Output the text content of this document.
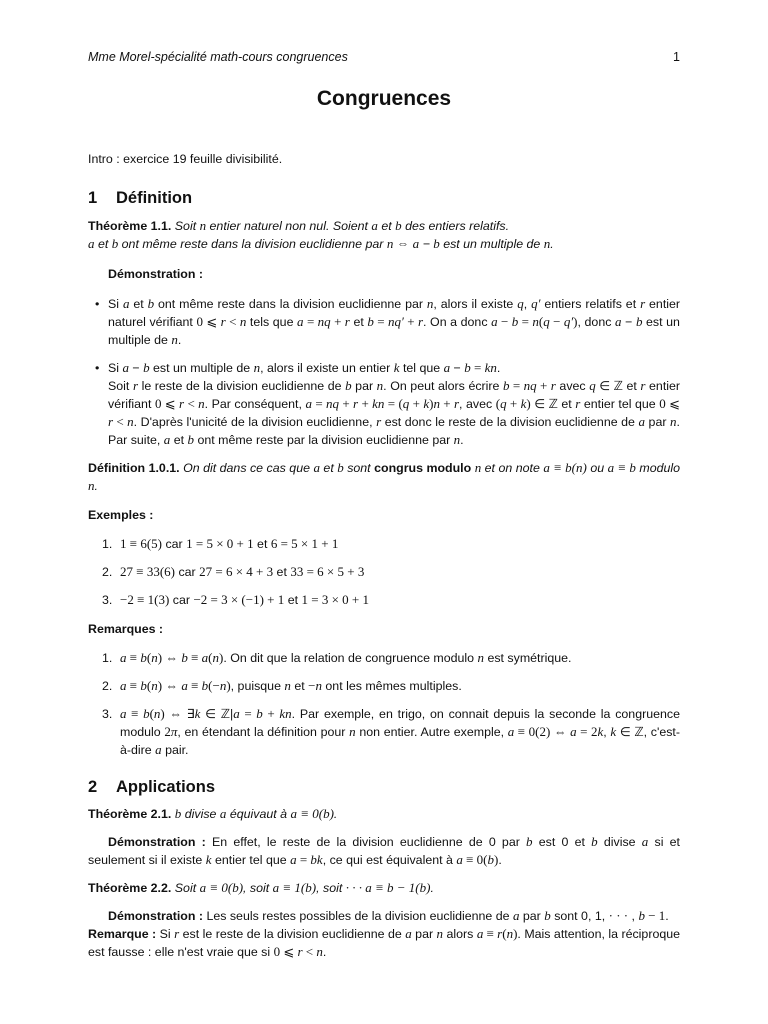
Mme Morel-spécialité math-cours congruences	1
Congruences

Intro : exercice 19 feuille divisibilité.

1 Définition

Théorème 1.1. Soit n entier naturel non nul. Soient a et b des entiers relatifs.
a et b ont même reste dans la division euclidienne par n ⇔ a − b est un multiple de n.

Démonstration :

• Si a et b ont même reste dans la division euclidienne par n, alors il existe q, q′ entiers relatifs et r entier naturel vérifiant 0 ⩽ r < n tels que a = nq + r et b = nq′ + r. On a donc a − b = n(q − q′), donc a − b est un multiple de n.
• Si a − b est un multiple de n, alors il existe un entier k tel que a − b = kn.
Soit r le reste de la division euclidienne de b par n. On peut alors écrire b = nq + r avec q ∈ ℤ et r entier vérifiant 0 ⩽ r < n. Par conséquent, a = nq + r + kn = (q + k)n + r, avec (q + k) ∈ ℤ et r entier tel que 0 ⩽ r < n. D'après l'unicité de la division euclidienne, r est donc le reste de la division euclidienne de a par n. Par suite, a et b ont même reste par la division euclidienne par n.

Définition 1.0.1. On dit dans ce cas que a et b sont congrus modulo n et on note a ≡ b(n) ou a ≡ b modulo n.

Exemples :

1. 1 ≡ 6(5) car 1 = 5 × 0 + 1 et 6 = 5 × 1 + 1
2. 27 ≡ 33(6) car 27 = 6 × 4 + 3 et 33 = 6 × 5 + 3
3. −2 ≡ 1(3) car −2 = 3 × (−1) + 1 et 1 = 3 × 0 + 1

Remarques :

1. a ≡ b(n) ⇔ b ≡ a(n). On dit que la relation de congruence modulo n est symétrique.
2. a ≡ b(n) ⇔ a ≡ b(−n), puisque n et −n ont les mêmes multiples.
3. a ≡ b(n) ⇔ ∃k ∈ ℤ|a = b + kn. Par exemple, en trigo, on connait depuis la seconde la congruence modulo 2π, en étendant la définition pour n non entier. Autre exemple, a ≡ 0(2) ⇔ a = 2k, k ∈ ℤ, c'est-à-dire a pair.
2 Applications

Théorème 2.1. b divise a équivaut à a ≡ 0(b).

Démonstration : En effet, le reste de la division euclidienne de 0 par b est 0 et b divise a si et seulement si il existe k entier tel que a = bk, ce qui est équivalent à a ≡ 0(b).

Théorème 2.2. Soit a ≡ 0(b), soit a ≡ 1(b), soit · · · a ≡ b − 1(b).

Démonstration : Les seuls restes possibles de la division euclidienne de a par b sont 0, 1, · · · , b − 1.

Remarque : Si r est le reste de la division euclidienne de a par n alors a ≡ r(n). Mais attention, la réciproque est fausse : elle n'est vraie que si 0 ⩽ r < n.
